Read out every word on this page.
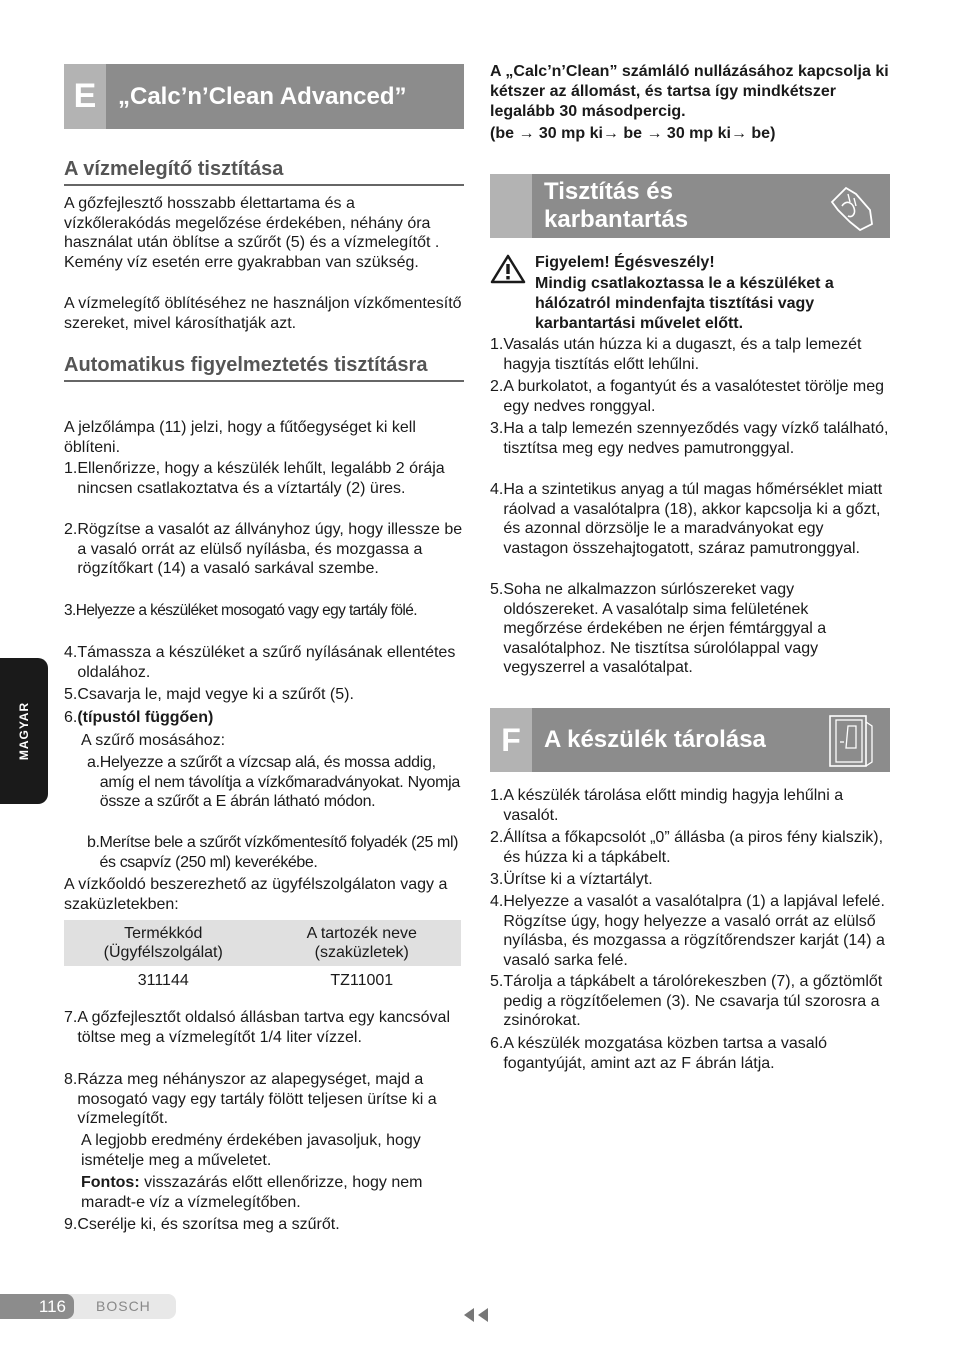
MAGYAR
E „Calc’n’Clean Advanced”
A vízmelegítő tisztítása

A gőzfejlesztő hosszabb élettartama és a vízkőlerakódás megelőzése érdekében, néhány óra használat után öblítse a szűrőt (5) és a vízmelegítőt . Kemény víz esetén erre gyakrabban van szükség.

A vízmelegítő öblítéséhez ne használjon vízkőmentesítő szereket, mivel károsíthatják azt.

Automatikus figyelmeztetés tisztításra

A jelzőlámpa (11) jelzi, hogy a fűtőegységet ki kell öblíteni.

1. Ellenőrizze, hogy a készülék lehűlt, legalább 2 órája nincsen csatlakoztatva és a víztartály (2) üres.
2. Rögzítse a vasalót az állványhoz úgy, hogy illessze be a vasaló orrát az elülső nyílásba, és mozgassa a rögzítőkart (14) a vasaló sarkával szembe.
3. Helyezze a készüléket mosogató vagy egy tartály fölé.
4. Támassza a készüléket a szűrő nyílásának ellentétes oldalához.
5. Csavarja le, majd vegye ki a szűrőt (5).
6. (típustól függően)

A szűrő mosásához:

a. Helyezze a szűrőt a vízcsap alá, és mossa addig, amíg el nem távolítja a vízkőmaradványokat. Nyomja össze a szűrőt a E ábrán látható módon.
b. Merítse bele a szűrőt vízkőmentesítő folyadék (25 ml) és csapvíz (250 ml) keverékébe.

A vízkőoldó beszerezhető az ügyfélszolgálaton vagy a szaküzletekben:

Termékkód (Ügyfélszolgálat)	A tartozék neve (szaküzletek)
311144	TZ11001
7. A gőzfejlesztőt oldalsó állásban tartva egy kancsóval töltse meg a vízmelegítőt 1/4 liter vízzel.
8. Rázza meg néhányszor az alapegységet, majd a mosogató vagy egy tartály fölött teljesen ürítse ki a vízmelegítőt.

A legjobb eredmény érdekében javasoljuk, hogy ismételje meg a műveletet.

Fontos: visszazárás előtt ellenőrizze, hogy nem maradt-e víz a vízmelegítőben.

9. Cserélje ki, és szorítsa meg a szűrőt.

A „Calc’n’Clean” számláló nullázásához kapcsolja ki kétszer az állomást, és tartsa így mindkétszer legalább 30 másodpercig.

(be → 30 mp ki→ be → 30 mp ki→ be)

Tisztítás és
karbantartás

Figyelem! Égésveszély!

Mindig csatlakoztassa le a készüléket a hálózatról mindenfajta tisztítási vagy karbantartási művelet előtt.

1. Vasalás után húzza ki a dugaszt, és a talp lemezét hagyja tisztítás előtt lehűlni.
2. A burkolatot, a fogantyút és a vasalótestet törölje meg egy nedves ronggyal.
3. Ha a talp lemezén szennyeződés vagy vízkő található, tisztítsa meg egy nedves pamutronggyal.
4. Ha a szintetikus anyag a túl magas hőmérséklet miatt ráolvad a vasalótalpra (18), akkor kapcsolja ki a gőzt, és azonnal dörzsölje le a maradványokat egy vastagon összehajtogatott, száraz pamutronggyal.
5. Soha ne alkalmazzon súrlószereket vagy oldószereket. A vasalótalp sima felületének megőrzése érdekében ne érjen fémtárggyal a vasalótalphoz. Ne tisztítsa súrolólappal vagy vegyszerrel a vasalótalpat.
F A készülék tárolása
1. A készülék tárolása előtt mindig hagyja lehűlni a vasalót.
2. Állítsa a főkapcsolót „0” állásba (a piros fény kialszik), és húzza ki a tápkábelt.
3. Ürítse ki a víztartályt.
4. Helyezze a vasalót a vasalótalpra (1) a lapjával lefelé. Rögzítse úgy, hogy helyezze a vasaló orrát az elülső nyílásba, és mozgassa a rögzítőrendszer karját (14) a vasaló sarka felé.
5. Tárolja a tápkábelt a tárolórekeszben (7), a gőztömlőt pedig a rögzítőelemen (3). Ne csavarja túl szorosra a zsinórokat.
6. A készülék mozgatása közben tartsa a vasaló fogantyúját, amint azt az F ábrán látja.
116	BOSCH
